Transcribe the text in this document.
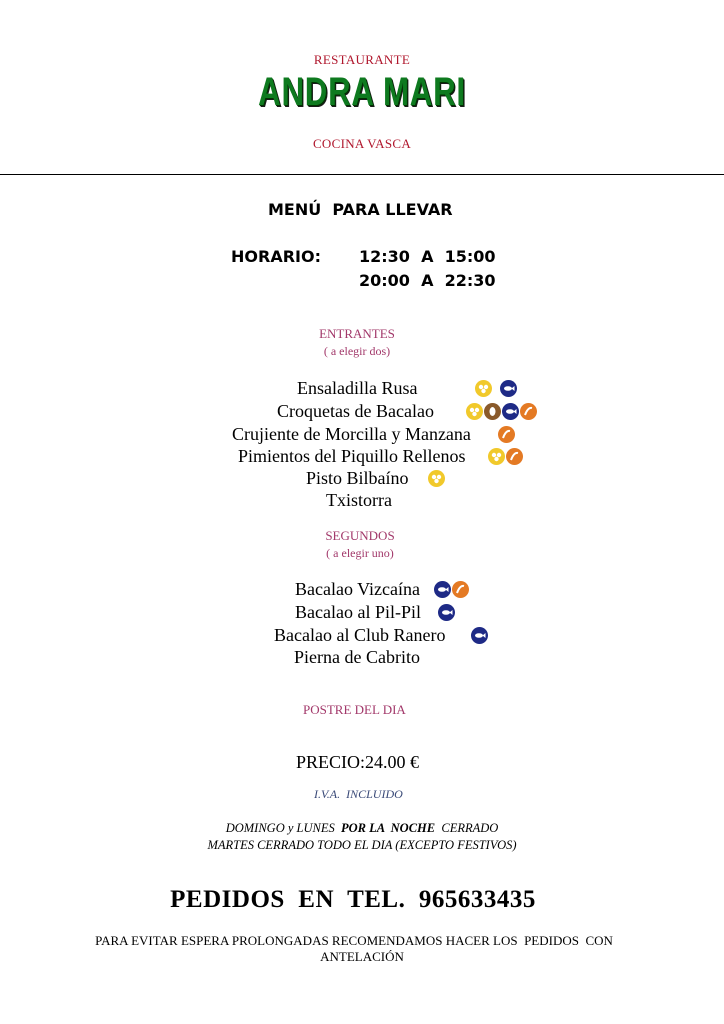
RESTAURANTE
ANDRA MARI
COCINA VASCA
MENÚ  PARA LLEVAR
HORARIO: 12:30  A  15:00
20:00  A  22:30
ENTRANTES
( a elegir dos)
Ensaladilla Rusa
Croquetas de Bacalao
Crujiente de Morcilla y Manzana
Pimientos del Piquillo Rellenos
Pisto Bilbaíno
Txistorra
SEGUNDOS
( a elegir uno)
Bacalao Vizcaína
Bacalao al Pil-Pil
Bacalao al Club Ranero
Pierna de Cabrito
POSTRE DEL DIA
PRECIO:24.00 €
I.V.A.  INCLUIDO
DOMINGO y LUNES POR LA  NOCHE CERRADO
MARTES CERRADO TODO EL DIA (EXCEPTO FESTIVOS)
PEDIDOS  EN  TEL.  965633435
PARA EVITAR ESPERA PROLONGADAS RECOMENDAMOS HACER LOS  PEDIDOS  CON
ANTELACIÓN
